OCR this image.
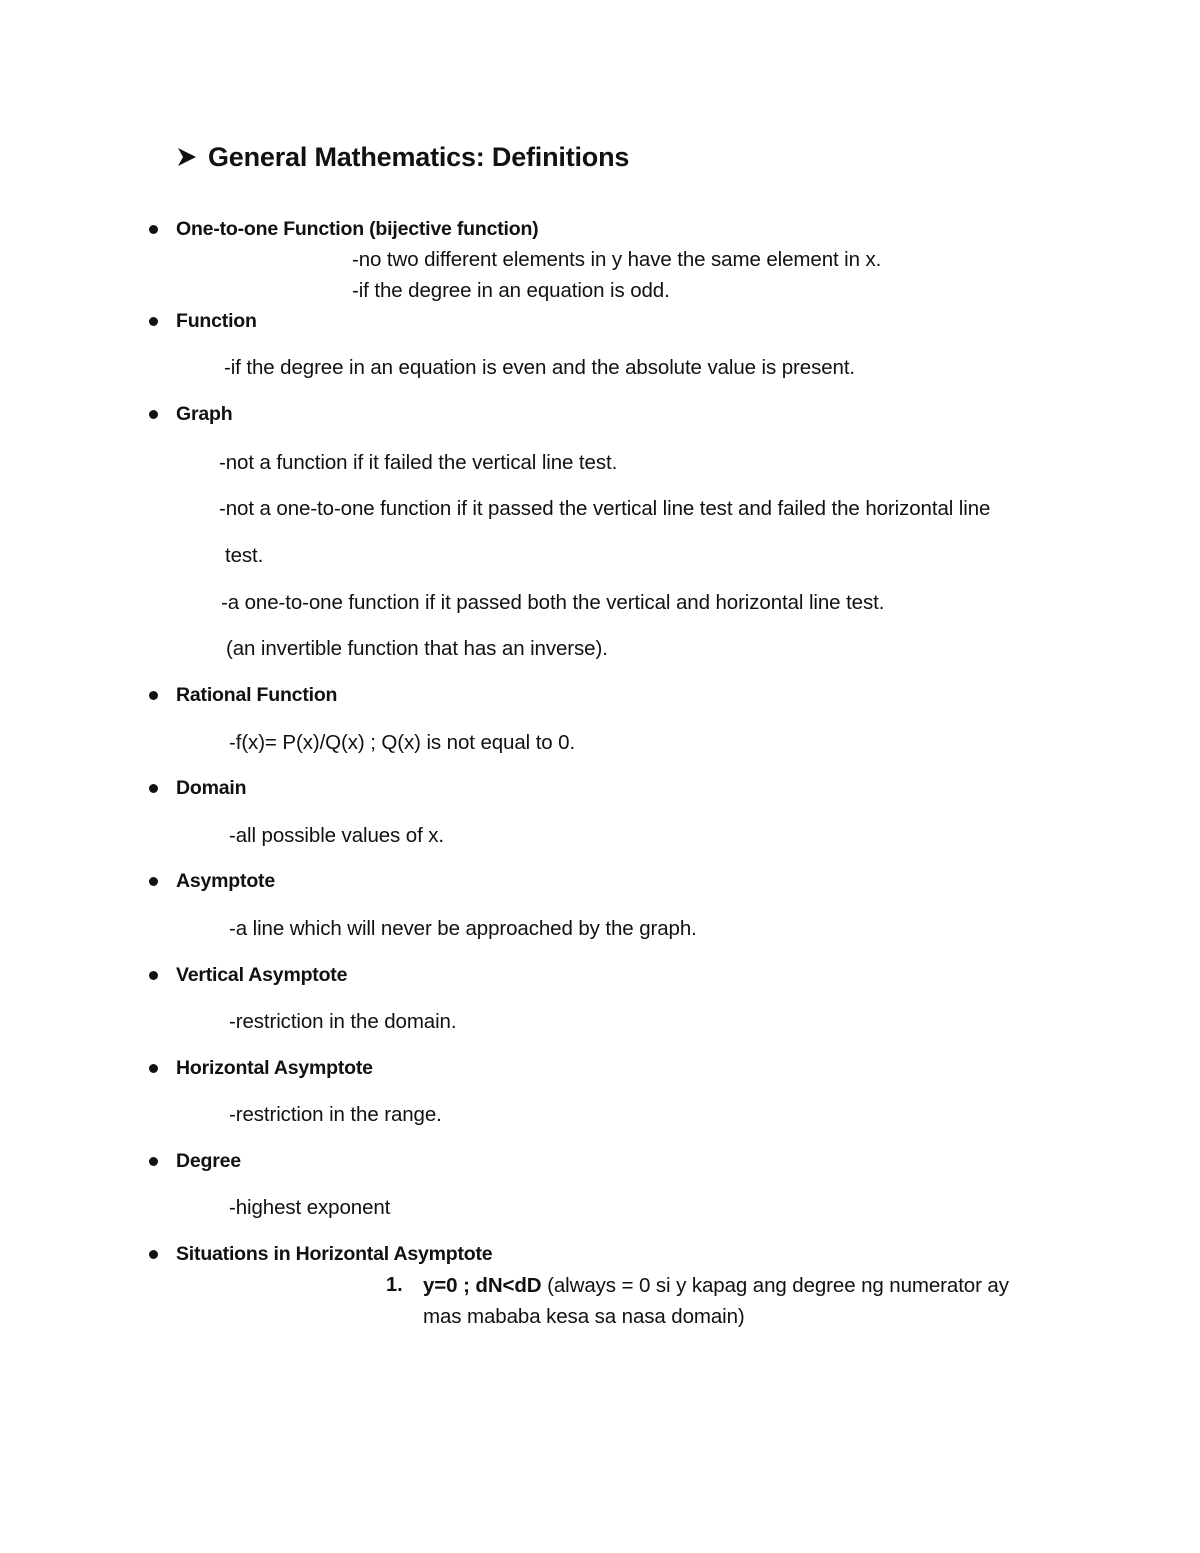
General Mathematics: Definitions
One-to-one Function (bijective function)
-no two different elements in y have the same element in x.
-if the degree in an equation is odd.
Function
-if the degree in an equation is even and the absolute value is present.
Graph
-not a function if it failed the vertical line test.
-not a one-to-one function if it passed the vertical line test and failed the horizontal line
test.
-a one-to-one function if it passed both the vertical and horizontal line test.
(an invertible function that has an inverse).
Rational Function
-f(x)= P(x)/Q(x) ; Q(x) is not equal to 0.
Domain
-all possible values of x.
Asymptote
-a line which will never be approached by the graph.
Vertical Asymptote
-restriction in the domain.
Horizontal Asymptote
-restriction in the range.
Degree
-highest exponent
Situations in Horizontal Asymptote
1. y=0 ; dN<dD (always = 0 si y kapag ang degree ng numerator ay
mas mababa kesa sa nasa domain)
